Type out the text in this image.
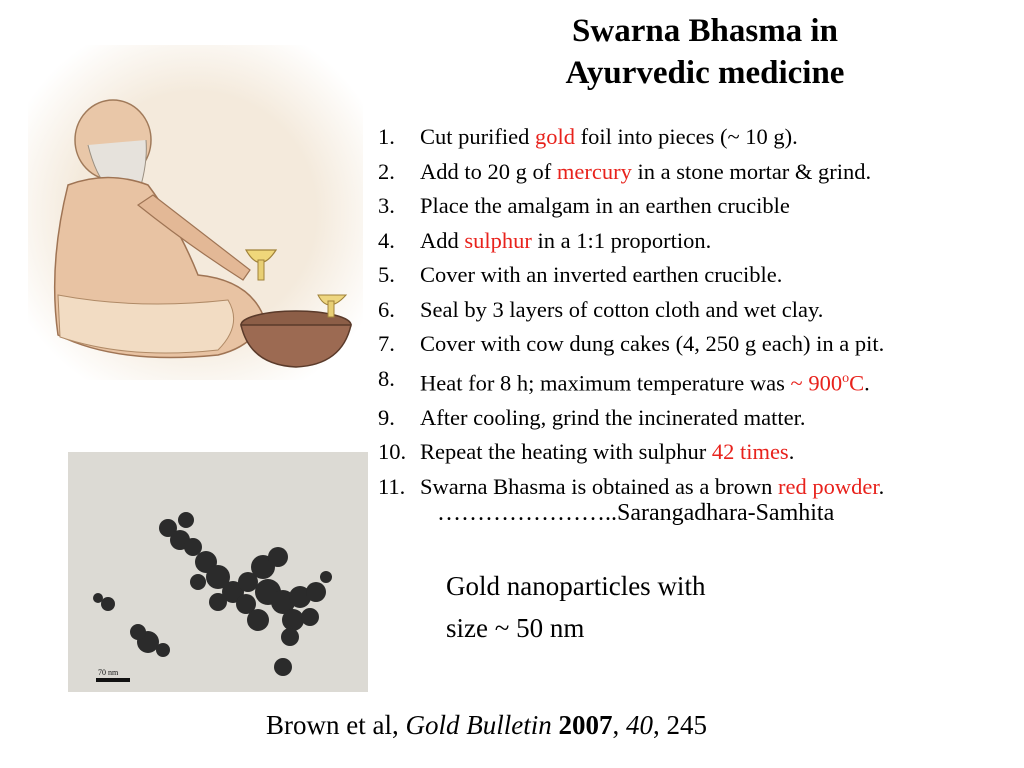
70 nm
Swarna Bhasma in
Ayurvedic medicine
1. Cut purified gold foil into pieces (~ 10 g).
2. Add to 20 g of mercury in a stone mortar & grind.
3. Place the amalgam in an earthen crucible
4. Add sulphur in a 1:1 proportion.
5. Cover with an inverted earthen crucible.
6. Seal by 3 layers of cotton cloth and wet clay.
7. Cover with cow dung cakes (4, 250 g each) in a pit.
8. Heat for 8 h; maximum temperature was ~ 900$^o$C.
9. After cooling, grind the incinerated matter.
10. Repeat the heating with sulphur 42 times.
11. Swarna Bhasma is obtained as a brown red powder.
…………………..Sarangadhara-Samhita
Gold nanoparticles with
size ~ 50 nm
Brown et al, Gold Bulletin 2007, 40, 245
